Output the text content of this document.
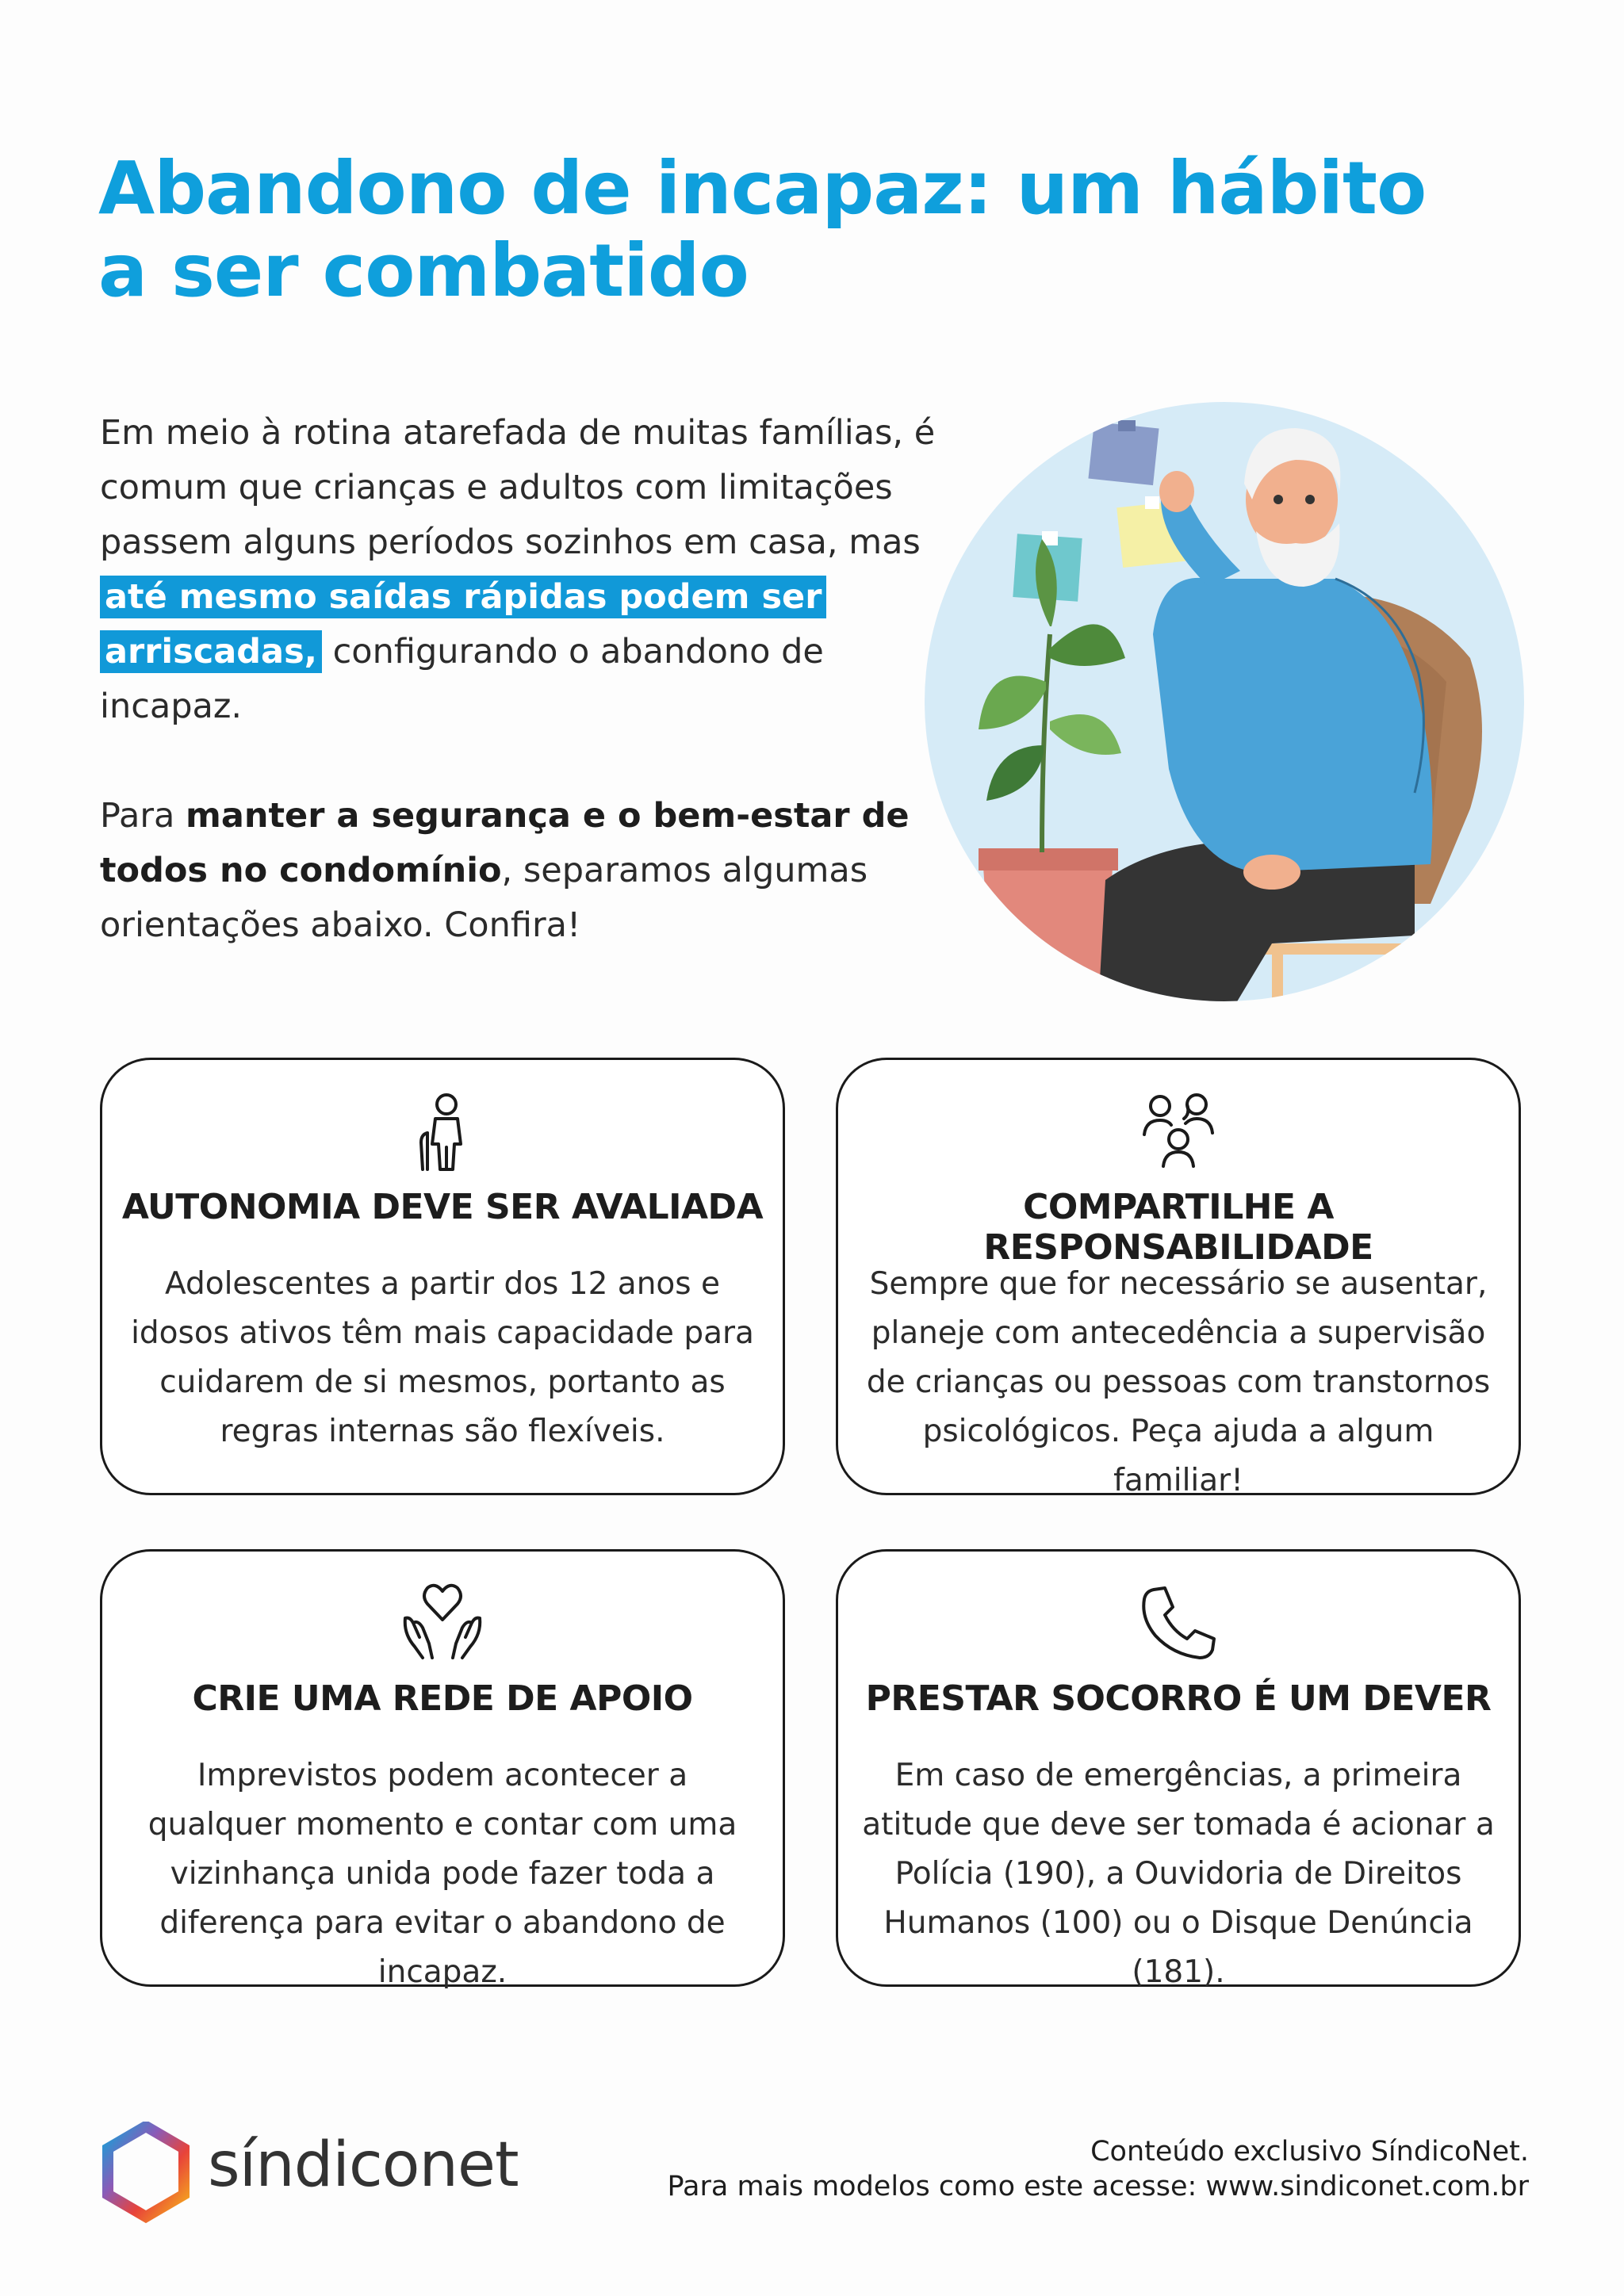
Abandono de incapaz: um hábito a ser combatido

Em meio à rotina atarefada de muitas famílias, é comum que crianças e adultos com limitações passem alguns períodos sozinhos em casa, mas até mesmo saídas rápidas podem ser arriscadas, configurando o abandono de incapaz.

Para manter a segurança e o bem-estar de todos no condomínio, separamos algumas orientações abaixo. Confira!

AUTONOMIA DEVE SER AVALIADA

Adolescentes a partir dos 12 anos e idosos ativos têm mais capacidade para cuidarem de si mesmos, portanto as regras internas são flexíveis.

COMPARTILHE A RESPONSABILIDADE

Sempre que for necessário se ausentar, planeje com antecedência a supervisão de crianças ou pessoas com transtornos psicológicos. Peça ajuda a algum familiar!

CRIE UMA REDE DE APOIO

Imprevistos podem acontecer a qualquer momento e contar com uma vizinhança unida pode fazer toda a diferença para evitar o abandono de incapaz.

PRESTAR SOCORRO É UM DEVER

Em caso de emergências, a primeira atitude que deve ser tomada é acionar a Polícia (190), a Ouvidoria de Direitos Humanos (100) ou o Disque Denúncia (181).

síndiconet	Conteúdo exclusivo SíndicoNet.
Para mais modelos como este acesse: www.sindiconet.com.br
